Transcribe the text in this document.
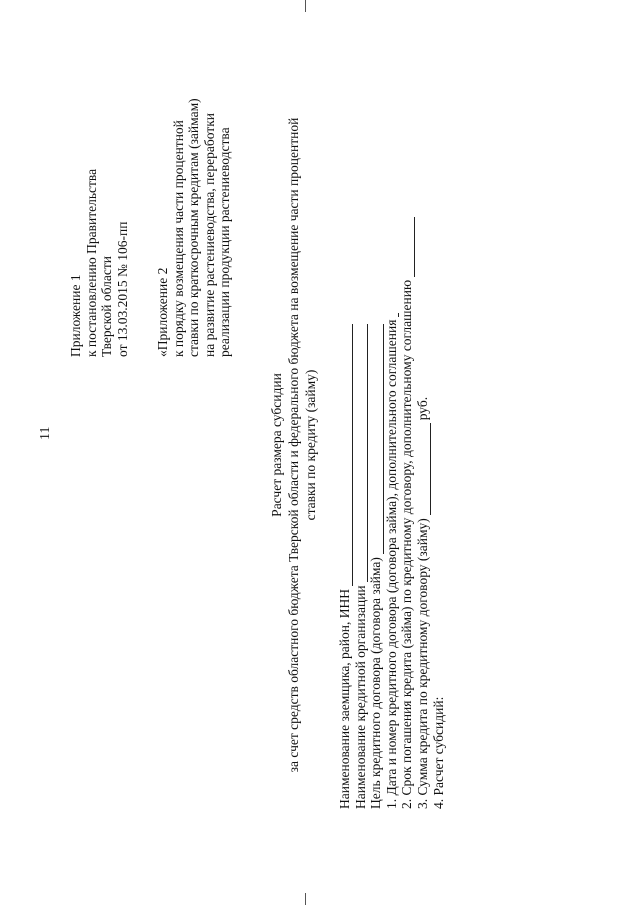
11
Приложение 1 к постановлению Правительства Тверской области от 13.03.2015 № 106-пп «Приложение 2 к порядку возмещения части процентной ставки по краткосрочным кредитам (займам) на развитие растениеводства, переработки реализации продукции растениеводства
Расчет размера субсидии за счет средств областного бюджета Тверской области и федерального бюджета на возмещение части процентной ставки по кредиту (займу)
Наименование заемщика, район, ИНН Наименование кредитной организации Цель кредитного договора (договора займа) 1. Дата и номер кредитного договора (договора займа), дополнительного соглашения 2. Срок погашения кредита (займа) по кредитному договору, дополнительному соглашению 3. Сумма кредита по кредитному договору (займу)
руб.
4. Расчет субсидий:
